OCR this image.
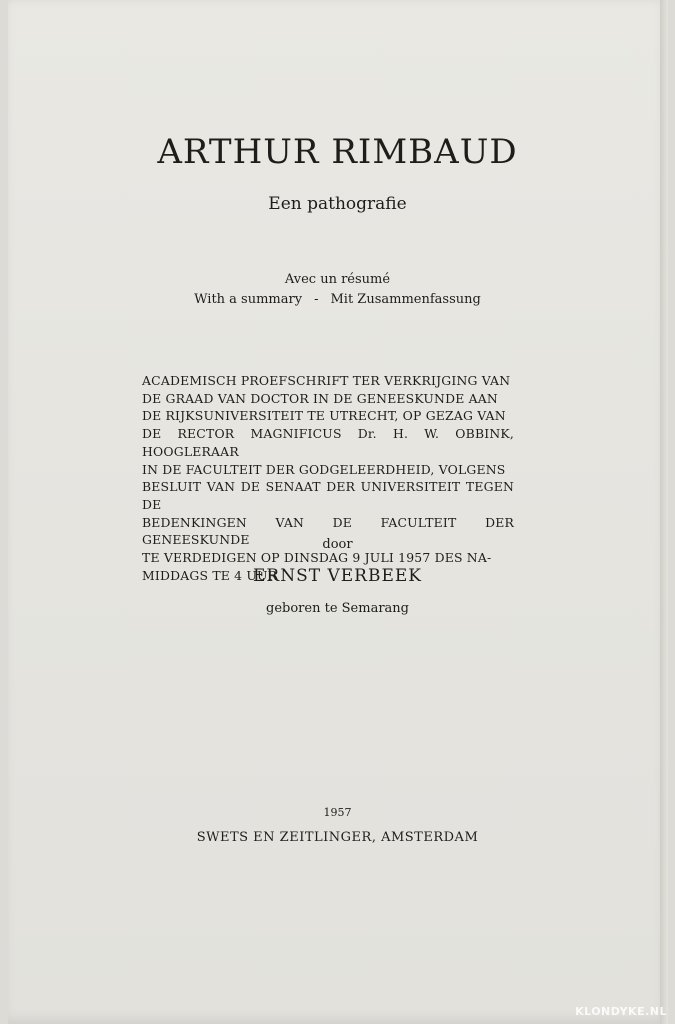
ARTHUR RIMBAUD
Een pathografie
Avec un résumé
With a summary - Mit Zusammenfassung
ACADEMISCH PROEFSCHRIFT TER VERKRIJGING VAN
DE GRAAD VAN DOCTOR IN DE GENEESKUNDE AAN
DE RIJKSUNIVERSITEIT TE UTRECHT, OP GEZAG VAN
DE RECTOR MAGNIFICUS Dr. H. W. OBBINK, HOOGLERAAR
IN DE FACULTEIT DER GODGELEERDHEID, VOLGENS
BESLUIT VAN DE SENAAT DER UNIVERSITEIT TEGEN DE
BEDENKINGEN VAN DE FACULTEIT DER GENEESKUNDE
TE VERDEDIGEN OP DINSDAG 9 JULI 1957 DES NA-
MIDDAGS TE 4 UUR
door
ERNST VERBEEK
geboren te Semarang
1957
SWETS EN ZEITLINGER, AMSTERDAM
KLONDYKE.NL
